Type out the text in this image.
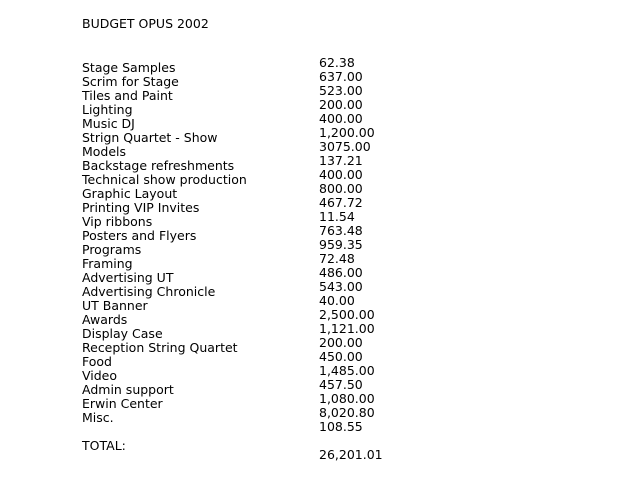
BUDGET OPUS 2002
Stage Samples
Scrim for Stage
Tiles and Paint
Lighting
Music DJ
Strign Quartet - Show
Models
Backstage refreshments
Technical show production
Graphic Layout
Printing VIP Invites
Vip ribbons
Posters and Flyers
Programs
Framing
Advertising UT
Advertising Chronicle
UT Banner
Awards
Display Case
Reception String Quartet
Food
Video
Admin support
Erwin Center
Misc.
62.38
637.00
523.00
200.00
400.00
1,200.00
3075.00
137.21
400.00
800.00
467.72
11.54
763.48
959.35
72.48
486.00
543.00
40.00
2,500.00
1,121.00
200.00
450.00
1,485.00
457.50
1,080.00
8,020.80
108.55
TOTAL:
26,201.01
